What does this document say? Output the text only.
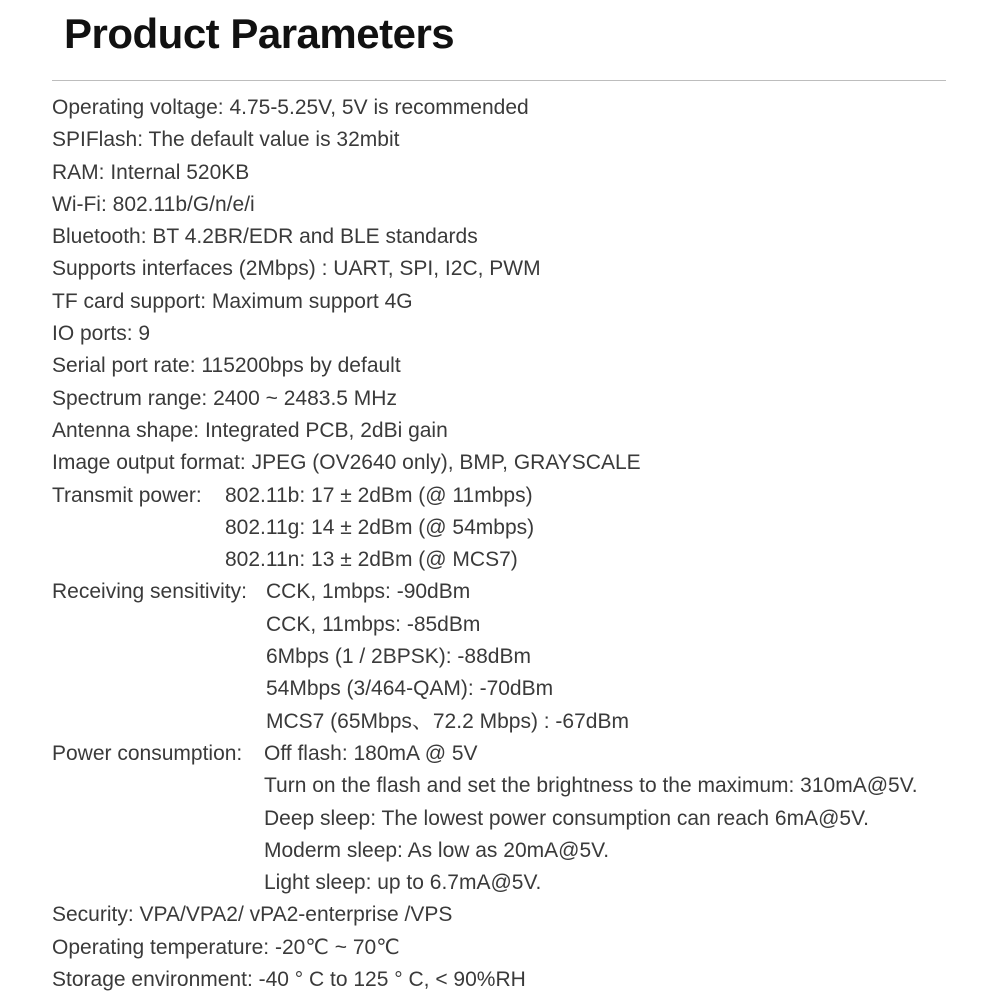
Product Parameters
Operating voltage: 4.75-5.25V, 5V is recommended
SPIFlash: The default value is 32mbit
RAM: Internal 520KB
Wi-Fi: 802.11b/G/n/e/i
Bluetooth: BT 4.2BR/EDR and BLE standards
Supports interfaces (2Mbps) : UART, SPI, I2C, PWM
TF card support: Maximum support 4G
IO ports: 9
Serial port rate: 115200bps by default
Spectrum range: 2400 ~ 2483.5 MHz
Antenna shape: Integrated PCB, 2dBi gain
Image output format: JPEG (OV2640 only), BMP, GRAYSCALE
Transmit power: 802.11b: 17 ± 2dBm (@ 11mbps)
802.11g: 14 ± 2dBm (@ 54mbps)
802.11n: 13 ± 2dBm (@ MCS7)
Receiving sensitivity: CCK, 1mbps: -90dBm
CCK, 11mbps: -85dBm
6Mbps (1 / 2BPSK): -88dBm
54Mbps (3/464-QAM): -70dBm
MCS7 (65Mbps、72.2 Mbps) : -67dBm
Power consumption: Off flash: 180mA @ 5V
Turn on the flash and set the brightness to the maximum: 310mA@5V.
Deep sleep: The lowest power consumption can reach 6mA@5V.
Moderm sleep: As low as 20mA@5V.
Light sleep: up to 6.7mA@5V.
Security: VPA/VPA2/ vPA2-enterprise /VPS
Operating temperature: -20℃ ~ 70℃
Storage environment: -40 ° C to 125 ° C, < 90%RH
